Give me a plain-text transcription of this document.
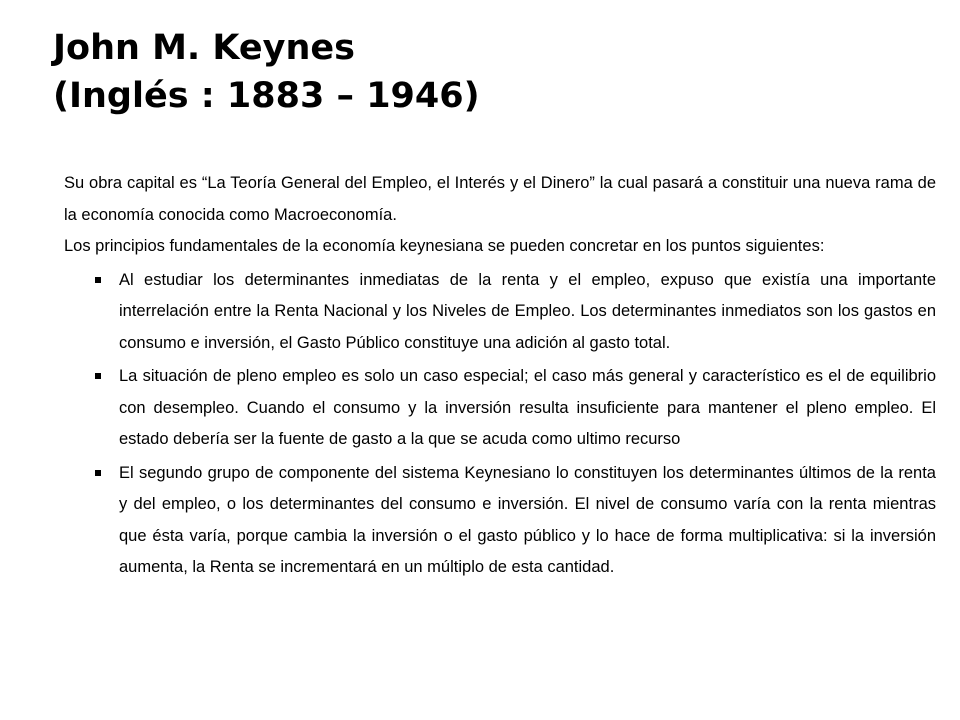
John M. Keynes
(Inglés : 1883 – 1946)

Su obra capital es “La Teoría General del Empleo, el Interés y el Dinero” la cual pasará a constituir una nueva rama de la economía conocida como Macroeconomía.

Los principios fundamentales de la economía keynesiana se pueden concretar en los puntos siguientes:

Al estudiar los determinantes inmediatas de la renta y el empleo, expuso que existía una importante interrelación entre la Renta Nacional y los Niveles de Empleo. Los determinantes inmediatos son los gastos en consumo e inversión, el Gasto Público constituye una adición al gasto total.
La situación de pleno empleo es solo un caso especial; el caso más general y característico es el de equilibrio con desempleo. Cuando el consumo y la inversión resulta insuficiente para mantener el pleno empleo. El estado debería ser la fuente de gasto a la que se acuda como ultimo recurso
El segundo grupo de componente del sistema Keynesiano lo constituyen los determinantes últimos de la renta y del empleo, o los determinantes del consumo e inversión. El nivel de consumo varía con la renta mientras que ésta varía, porque cambia la inversión o el gasto público y lo hace de forma multiplicativa: si la inversión aumenta, la Renta se incrementará en un múltiplo de esta cantidad.
